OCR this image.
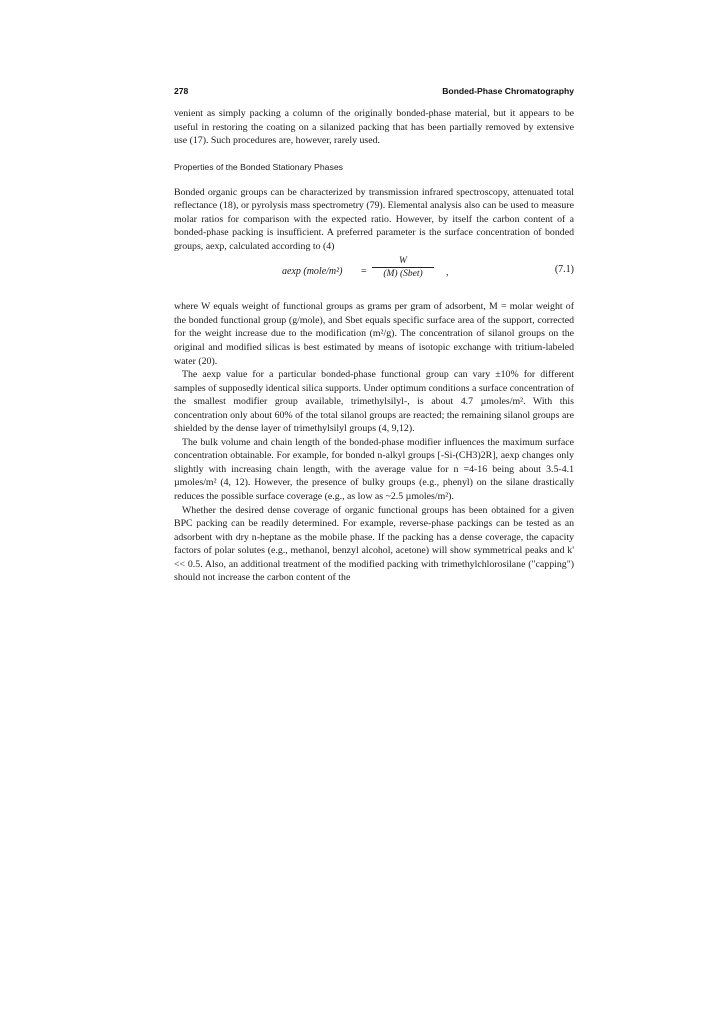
278	Bonded-Phase Chromatography

venient as simply packing a column of the originally bonded-phase material, but it appears to be useful in restoring the coating on a silanized packing that has been partially removed by extensive use (17). Such procedures are, however, rarely used.

Properties of the Bonded Stationary Phases

Bonded organic groups can be characterized by transmission infrared spectroscopy, attenuated total reflectance (18), or pyrolysis mass spectrometry (79). Elemental analysis also can be used to measure molar ratios for comparison with the expected ratio. However, by itself the carbon content of a bonded-phase packing is insufficient. A preferred parameter is the surface concentration of bonded groups, aexp, calculated according to (4)

aexp (mole/m²) =
W
(M) (Sbet)	,	(7.1)

where W equals weight of functional groups as grams per gram of adsorbent, M = molar weight of the bonded functional group (g/mole), and Sbet equals specific surface area of the support, corrected for the weight increase due to the modification (m²/g). The concentration of silanol groups on the original and modified silicas is best estimated by means of isotopic exchange with tritium-labeled water (20).

The aexp value for a particular bonded-phase functional group can vary ±10% for different samples of supposedly identical silica supports. Under optimum conditions a surface concentration of the smallest modifier group available, trimethylsilyl-, is about 4.7 µmoles/m². With this concentration only about 60% of the total silanol groups are reacted; the remaining silanol groups are shielded by the dense layer of trimethylsilyl groups (4, 9,12).

The bulk volume and chain length of the bonded-phase modifier influences the maximum surface concentration obtainable. For example, for bonded n-alkyl groups [-Si-(CH3)2R], aexp changes only slightly with increasing chain length, with the average value for n =4-16 being about 3.5-4.1 µmoles/m² (4, 12). However, the presence of bulky groups (e.g., phenyl) on the silane drastically reduces the possible surface coverage (e.g., as low as ~2.5 µmoles/m²).

Whether the desired dense coverage of organic functional groups has been obtained for a given BPC packing can be readily determined. For example, reverse-phase packings can be tested as an adsorbent with dry n-heptane as the mobile phase. If the packing has a dense coverage, the capacity factors of polar solutes (e.g., methanol, benzyl alcohol, acetone) will show symmetrical peaks and k' << 0.5. Also, an additional treatment of the modified packing with trimethylchlorosilane ("capping") should not increase the carbon content of the
